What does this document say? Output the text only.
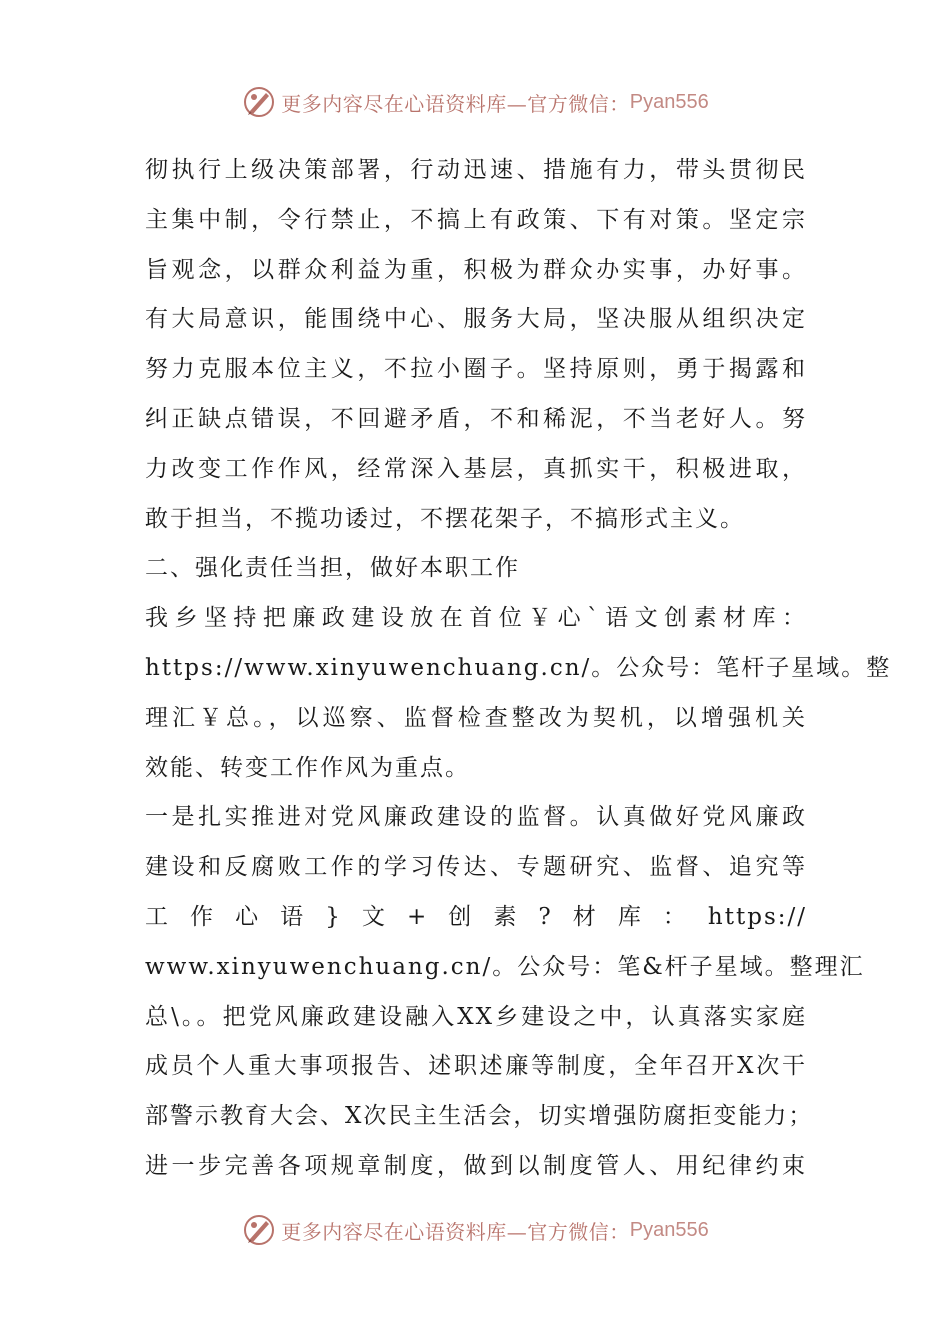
更多内容尽在心语资料库—官方微信： Pyan556
彻执行上级决策部署，行动迅速、措施有力，带头贯彻民
主集中制，令行禁止，不搞上有政策、下有对策。坚定宗
旨观念，以群众利益为重，积极为群众办实事，办好事。
有大局意识，能围绕中心、服务大局，坚决服从组织决定
努力克服本位主义，不拉小圈子。坚持原则，勇于揭露和
纠正缺点错误，不回避矛盾，不和稀泥，不当老好人。努
力改变工作作风，经常深入基层，真抓实干，积极进取，
敢于担当，不揽功诿过，不摆花架子，不搞形式主义。
二、强化责任当担，做好本职工作
我乡坚持把廉政建设放在首位￥心`语文创素材库：
https://www.xinyuwenchuang.cn/。公众号：笔杆子星域。整
理汇￥总。，以巡察、监督检查整改为契机，以增强机关
效能、转变工作作风为重点。
一是扎实推进对党风廉政建设的监督。认真做好党风廉政
建设和反腐败工作的学习传达、专题研究、监督、追究等
工作心语}文+创素?材库：https://
www.xinyuwenchuang.cn/。公众号：笔&杆子星域。整理汇
总\。。把党风廉政建设融入XX乡建设之中，认真落实家庭
成员个人重大事项报告、述职述廉等制度，全年召开X次干
部警示教育大会、X次民主生活会，切实增强防腐拒变能力；
进一步完善各项规章制度，做到以制度管人、用纪律约束
更多内容尽在心语资料库—官方微信： Pyan556
